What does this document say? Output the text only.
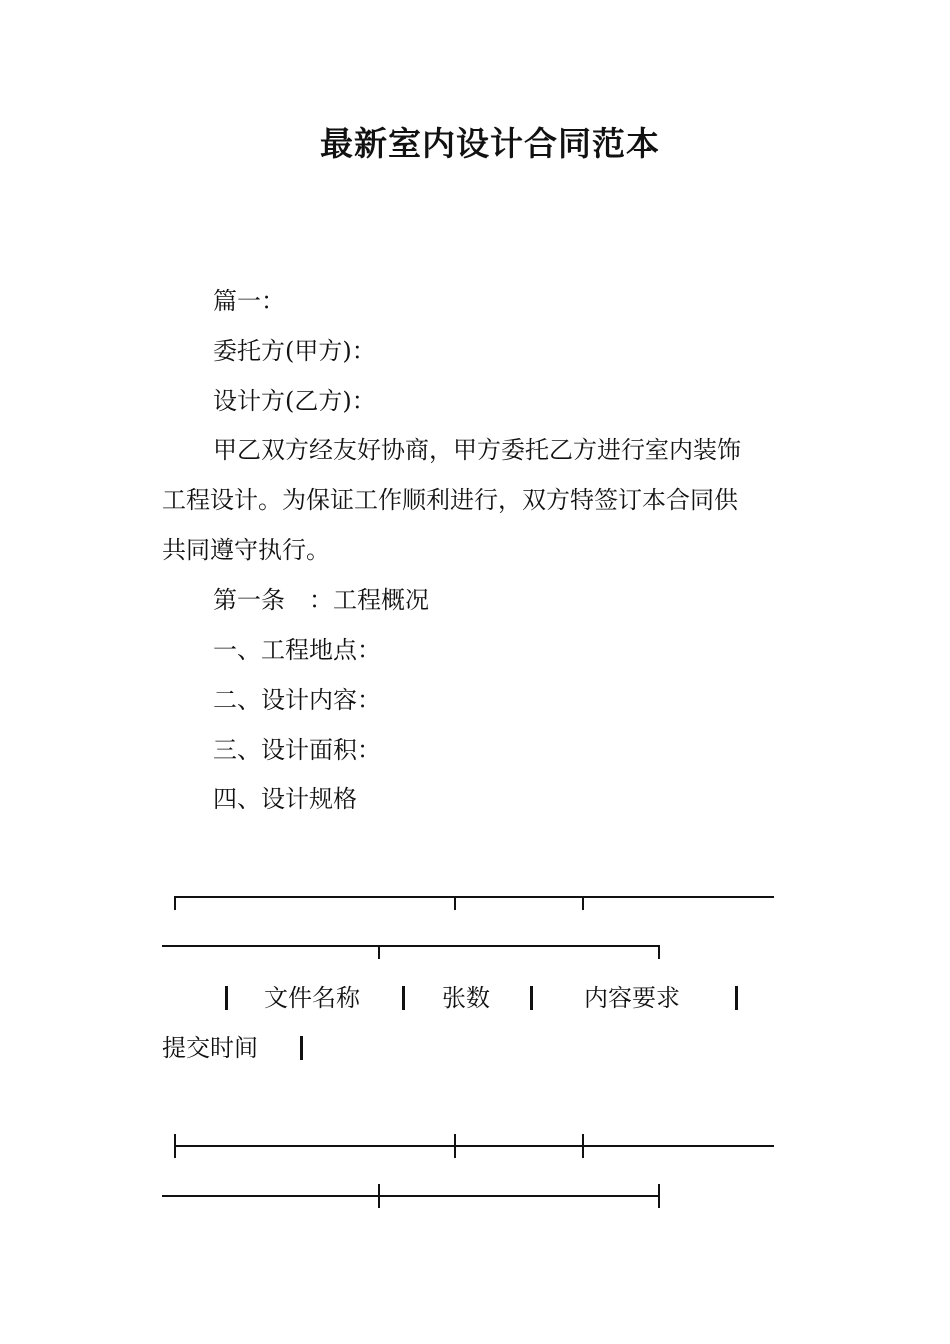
最新室内设计合同范本

篇一：

委托方(甲方)：

设计方(乙方)：

甲乙双方经友好协商，甲方委托乙方进行室内装饰

工程设计。为保证工作顺利进行，双方特签订本合同供

共同遵守执行。

第一条　：工程概况

一、工程地点：

二、设计内容：

三、设计面积：

四、设计规格

文件名称	张数	内容要求
提交时间
